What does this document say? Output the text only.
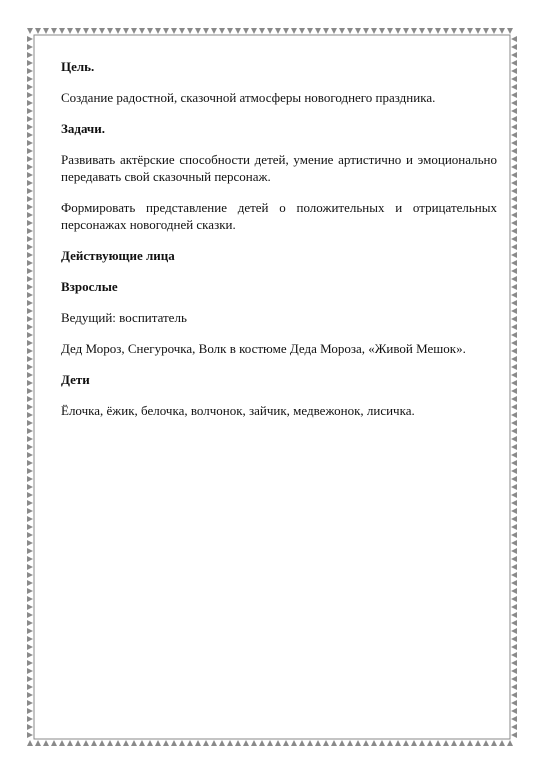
Цель.
Создание радостной, сказочной атмосферы новогоднего праздника.
Задачи.
Развивать актёрские способности детей, умение артистично и эмоционально передавать свой сказочный персонаж.
Формировать представление детей о положительных и отрицательных персонажах новогодней сказки.
Действующие лица
Взрослые
Ведущий: воспитатель
Дед Мороз, Снегурочка, Волк в костюме Деда Мороза, «Живой Мешок».
Дети
Ёлочка, ёжик, белочка, волчонок, зайчик, медвежонок, лисичка.
